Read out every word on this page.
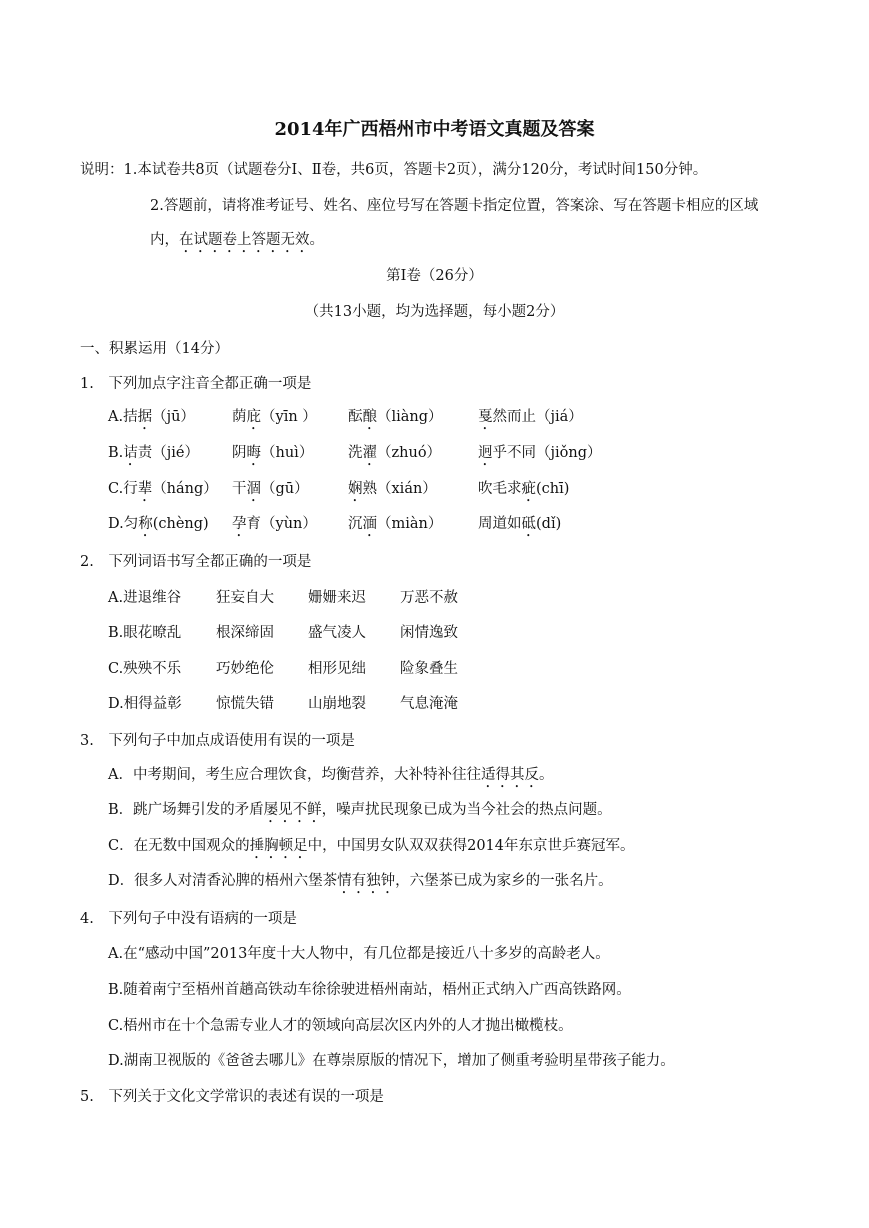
2014年广西梧州市中考语文真题及答案
说明：1.本试卷共8页（试题卷分Ⅰ、Ⅱ卷，共6页，答题卡2页），满分120分，考试时间150分钟。
2.答题前，请将准考证号、姓名、座位号写在答题卡指定位置，答案涂、写在答题卡相应的区域
内，在试题卷上答题无效。
第Ⅰ卷（26分）
（共13小题，均为选择题，每小题2分）
一、积累运用（14分）
1.　下列加点字注音全都正确一项是
A.拮据（jū）	荫庇（yīn ） 酝酿（liàng） 戛然而止（jiá）
B.诘责（jié） 阴晦（huì） 洗濯（zhuó）	迥乎不同（jiǒng）
C.行辈（háng） 干涸（gū）	娴熟（xián）	吹毛求疵(chī)
D.匀称(chèng) 孕育（yùn） 沉湎（miàn） 周道如砥(dǐ)
2.　下列词语书写全都正确的一项是
A.进退维谷 狂妄自大 姗姗来迟 万恶不赦
B.眼花暸乱 根深缔固 盛气凌人 闲情逸致
C.殃殃不乐 巧妙绝伦 相形见绌 险象叠生
D.相得益彰 惊慌失错 山崩地裂 气息淹淹
3.　下列句子中加点成语使用有误的一项是
A．中考期间，考生应合理饮食，均衡营养，大补特补往往适得其反。
B．跳广场舞引发的矛盾屡见不鲜，噪声扰民现象已成为当今社会的热点问题。
C．在无数中国观众的捶胸顿足中，中国男女队双双获得2014年东京世乒赛冠军。
D．很多人对清香沁脾的梧州六堡茶情有独钟，六堡茶已成为家乡的一张名片。
4.　下列句子中没有语病的一项是
A.在“感动中国”2013年度十大人物中，有几位都是接近八十多岁的高龄老人。
B.随着南宁至梧州首趟高铁动车徐徐驶进梧州南站，梧州正式纳入广西高铁路网。
C.梧州市在十个急需专业人才的领域向高层次区内外的人才抛出橄榄枝。
D.湖南卫视版的《爸爸去哪儿》在尊崇原版的情况下，增加了侧重考验明星带孩子能力。
5.　下列关于文化文学常识的表述有误的一项是
